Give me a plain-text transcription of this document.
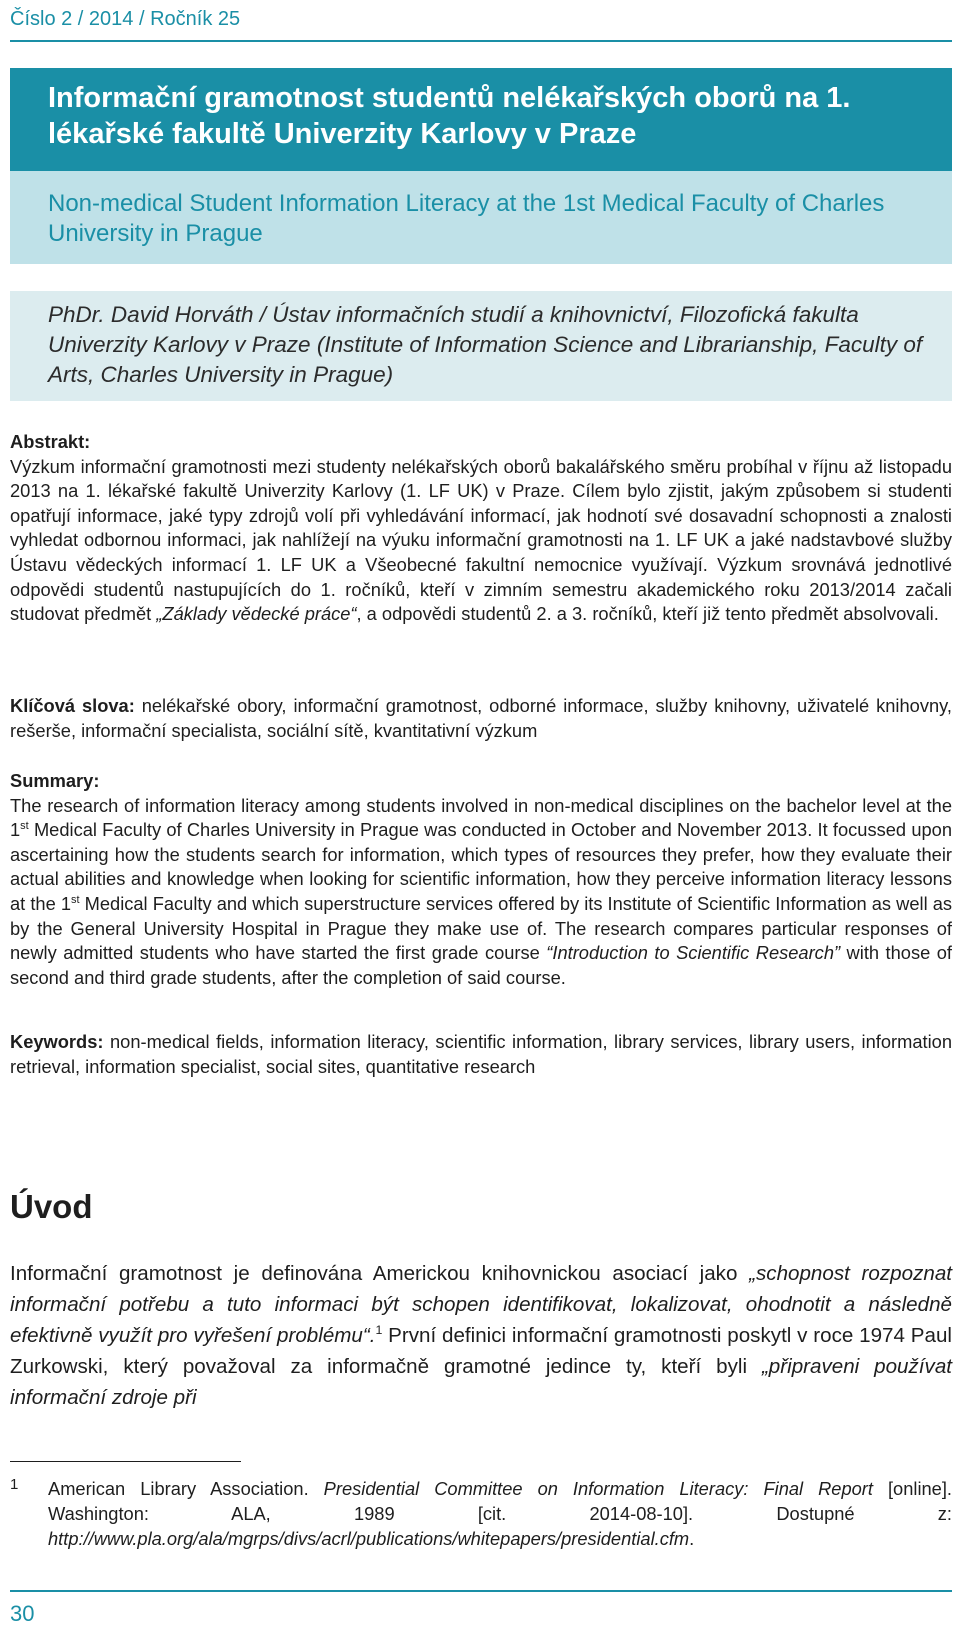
Číslo 2 / 2014 / Ročník 25
Informační gramotnost studentů nelékařských oborů na 1. lékařské fakultě Univerzity Karlovy v Praze
Non-medical Student Information Literacy at the 1st Medical Faculty of Charles University in Prague
PhDr. David Horváth / Ústav informačních studií a knihovnictví, Filozofická fakulta Univerzity Karlovy v Praze (Institute of Information Science and Librarianship, Faculty of Arts, Charles University in Prague)
Abstrakt:
Výzkum informační gramotnosti mezi studenty nelékařských oborů bakalářského směru probíhal v říjnu až listopadu 2013 na 1. lékařské fakultě Univerzity Karlovy (1. LF UK) v Praze. Cílem bylo zjistit, jakým způsobem si studenti opatřují informace, jaké typy zdrojů volí při vyhledávání informací, jak hodnotí své dosavadní schopnosti a znalosti vyhledat odbornou informaci, jak nahlížejí na výuku informační gramotnosti na 1. LF UK a jaké nadstavbové služby Ústavu vědeckých informací 1. LF UK a Všeobecné fakultní nemocnice využívají. Výzkum srovnává jednotlivé odpovědi studentů nastupujících do 1. ročníků, kteří v zimním semestru akademického roku 2013/2014 začali studovat předmět „Základy vědecké práce“, a odpovědi studentů 2. a 3. ročníků, kteří již tento předmět absolvovali.
Klíčová slova: nelékařské obory, informační gramotnost, odborné informace, služby knihovny, uživatelé knihovny, rešerše, informační specialista, sociální sítě, kvantitativní výzkum
Summary:
The research of information literacy among students involved in non-medical disciplines on the bachelor level at the 1st Medical Faculty of Charles University in Prague was conducted in October and November 2013. It focussed upon ascertaining how the students search for information, which types of resources they prefer, how they evaluate their actual abilities and knowledge when looking for scientific information, how they perceive information literacy lessons at the 1st Medical Faculty and which superstructure services offered by its Institute of Scientific Information as well as by the General University Hospital in Prague they make use of. The research compares particular responses of newly admitted students who have started the first grade course “Introduction to Scientific Research” with those of second and third grade students, after the completion of said course.
Keywords: non-medical fields, information literacy, scientific information, library services, library users, information retrieval, information specialist, social sites, quantitative research
Úvod
Informační gramotnost je definována Americkou knihovnickou asociací jako „schopnost rozpoznat informační potřebu a tuto informaci být schopen identifikovat, lokalizovat, ohodnotit a následně efektivně využít pro vyřešení problému“.$^1$ První definici informační gramotnosti poskytl v roce 1974 Paul Zurkowski, který považoval za informačně gramotné jedince ty, kteří byli „připraveni používat informační zdroje při
1 American Library Association. Presidential Committee on Information Literacy: Final Report [online]. Washington: ALA, 1989 [cit. 2014-08-10]. Dostupné z: http://www.pla.org/ala/mgrps/divs/acrl/publications/whitepapers/presidential.cfm.
30
